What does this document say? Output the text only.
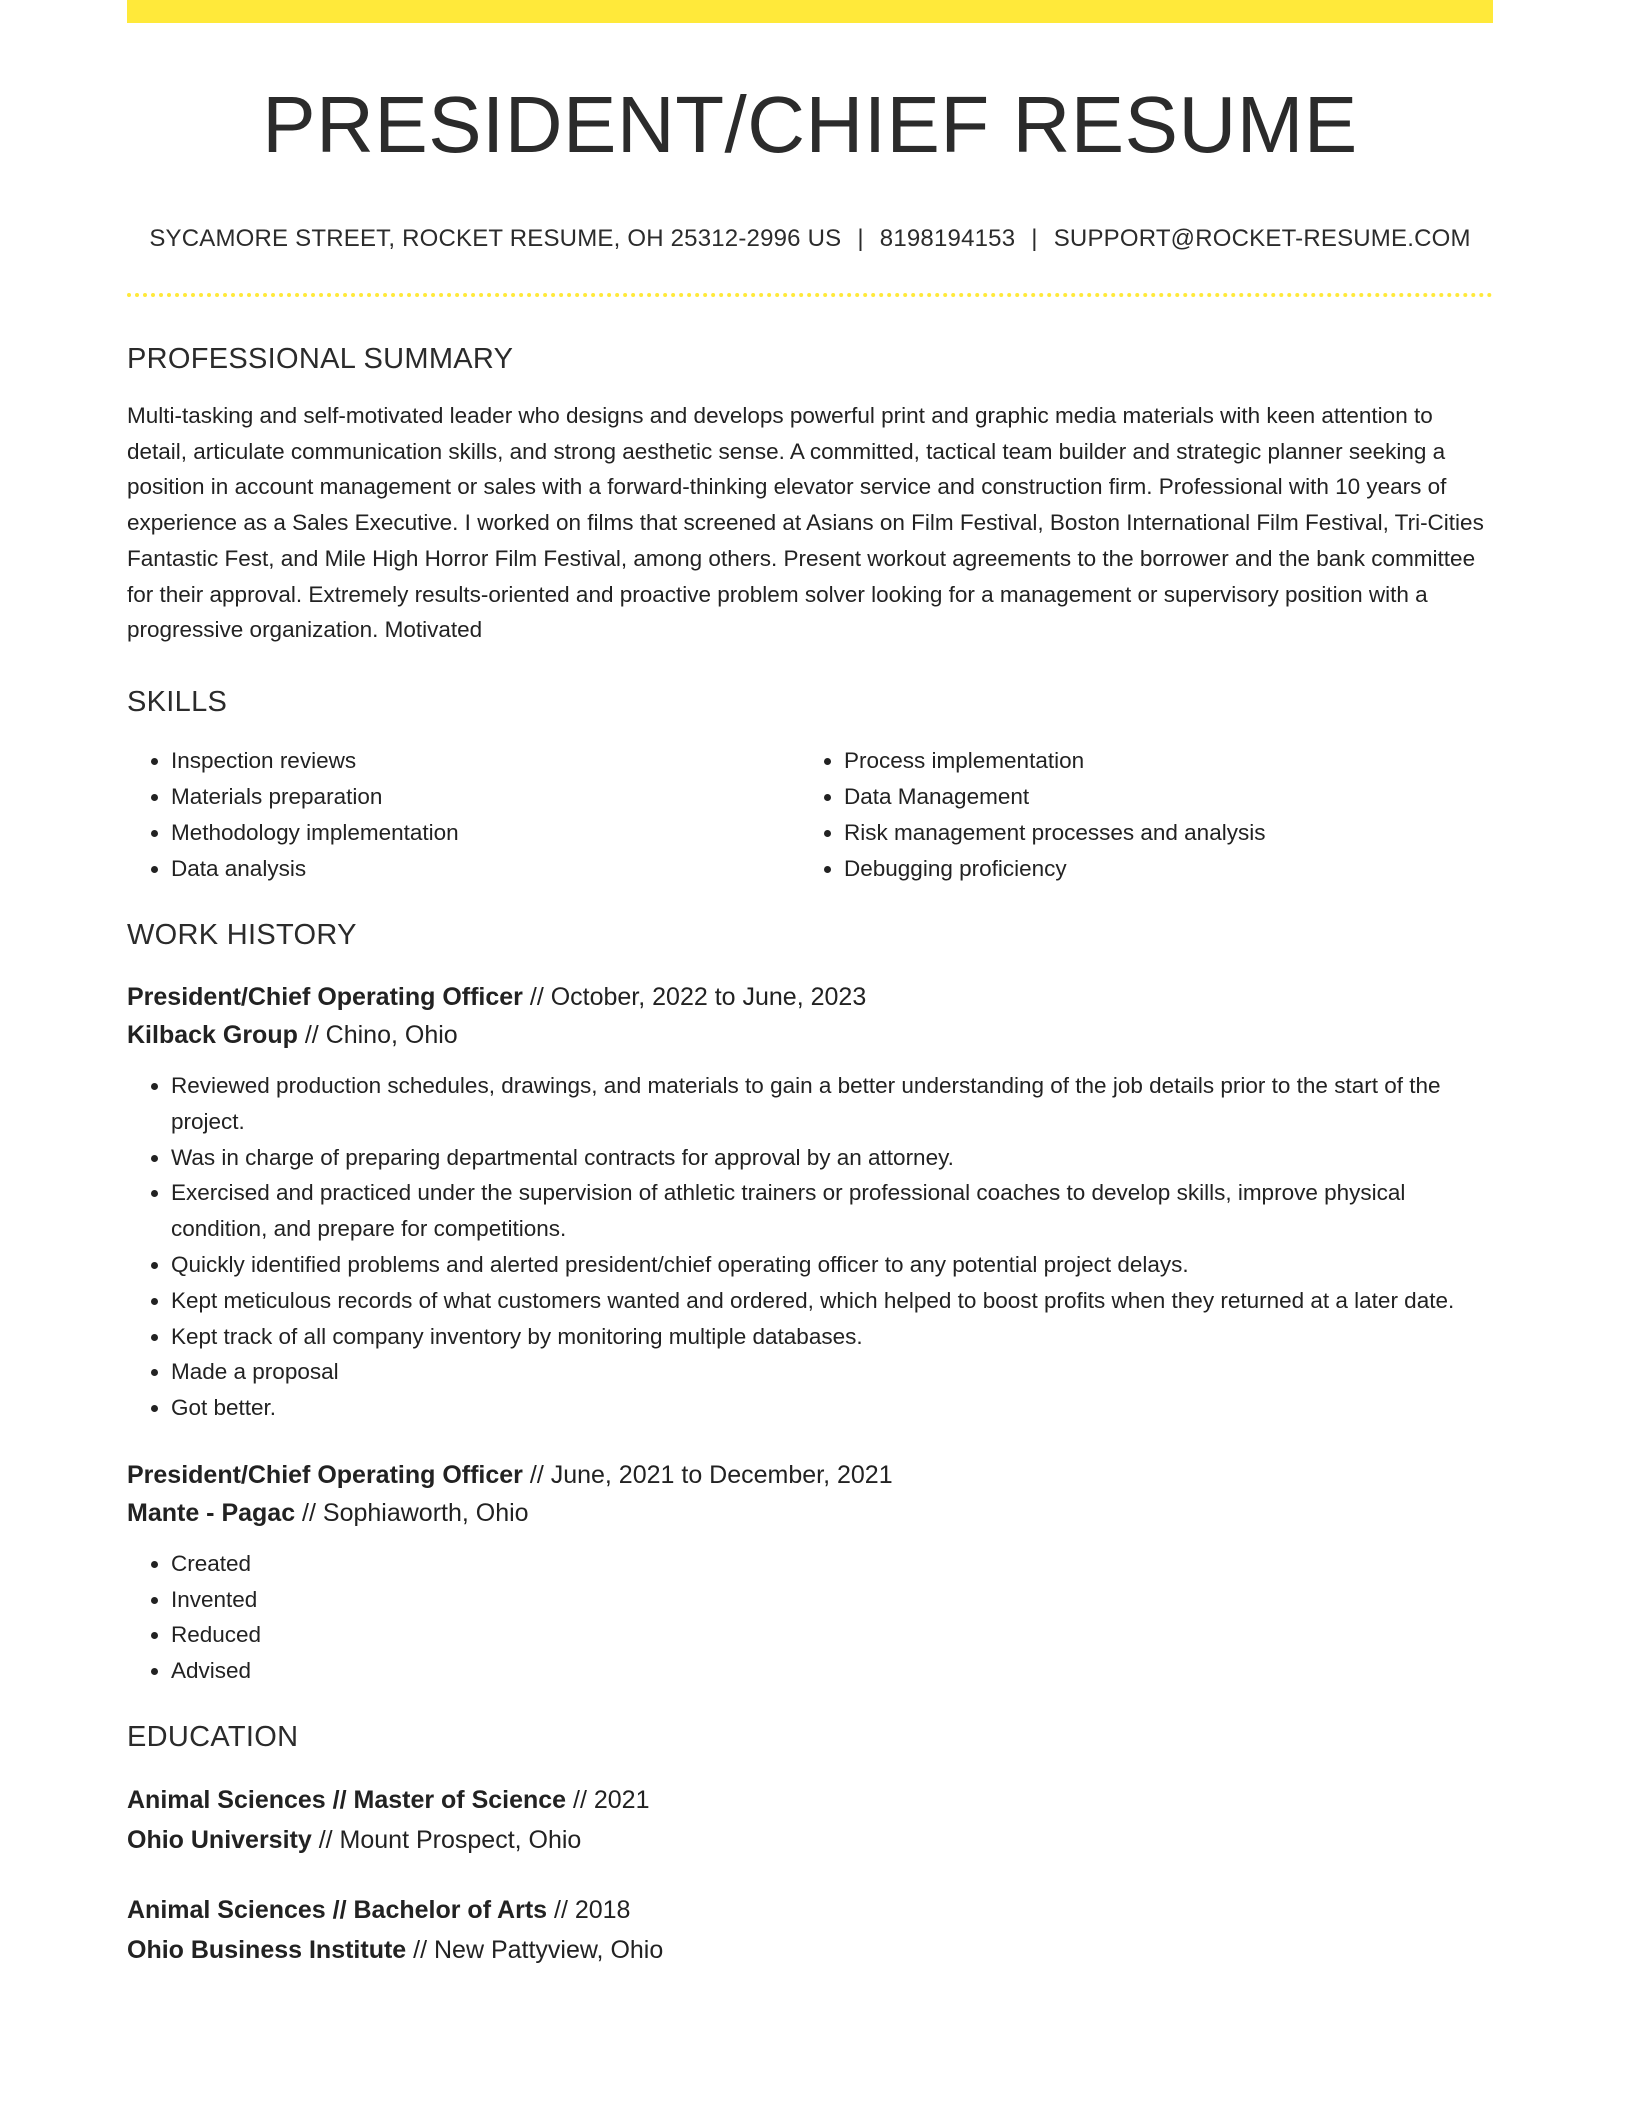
PRESIDENT/CHIEF RESUME
SYCAMORE STREET, ROCKET RESUME, OH 25312-2996 US | 8198194153 | SUPPORT@ROCKET-RESUME.COM
PROFESSIONAL SUMMARY

Multi-tasking and self-motivated leader who designs and develops powerful print and graphic media materials with keen attention to detail, articulate communication skills, and strong aesthetic sense. A committed, tactical team builder and strategic planner seeking a position in account management or sales with a forward-thinking elevator service and construction firm. Professional with 10 years of experience as a Sales Executive. I worked on films that screened at Asians on Film Festival, Boston International Film Festival, Tri-Cities Fantastic Fest, and Mile High Horror Film Festival, among others. Present workout agreements to the borrower and the bank committee for their approval. Extremely results-oriented and proactive problem solver looking for a management or supervisory position with a progressive organization. Motivated

SKILLS
• Inspection reviews
• Materials preparation
• Methodology implementation
• Data analysis
• Process implementation
• Data Management
• Risk management processes and analysis
• Debugging proficiency
WORK HISTORY
President/Chief Operating Officer // October, 2022 to June, 2023
Kilback Group // Chino, Ohio
• Reviewed production schedules, drawings, and materials to gain a better understanding of the job details prior to the start of the project.
• Was in charge of preparing departmental contracts for approval by an attorney.
• Exercised and practiced under the supervision of athletic trainers or professional coaches to develop skills, improve physical condition, and prepare for competitions.
• Quickly identified problems and alerted president/chief operating officer to any potential project delays.
• Kept meticulous records of what customers wanted and ordered, which helped to boost profits when they returned at a later date.
• Kept track of all company inventory by monitoring multiple databases.
• Made a proposal
• Got better.
President/Chief Operating Officer // June, 2021 to December, 2021
Mante - Pagac // Sophiaworth, Ohio
• Created
• Invented
• Reduced
• Advised
EDUCATION
Animal Sciences // Master of Science // 2021
Ohio University // Mount Prospect, Ohio
Animal Sciences // Bachelor of Arts // 2018
Ohio Business Institute // New Pattyview, Ohio
